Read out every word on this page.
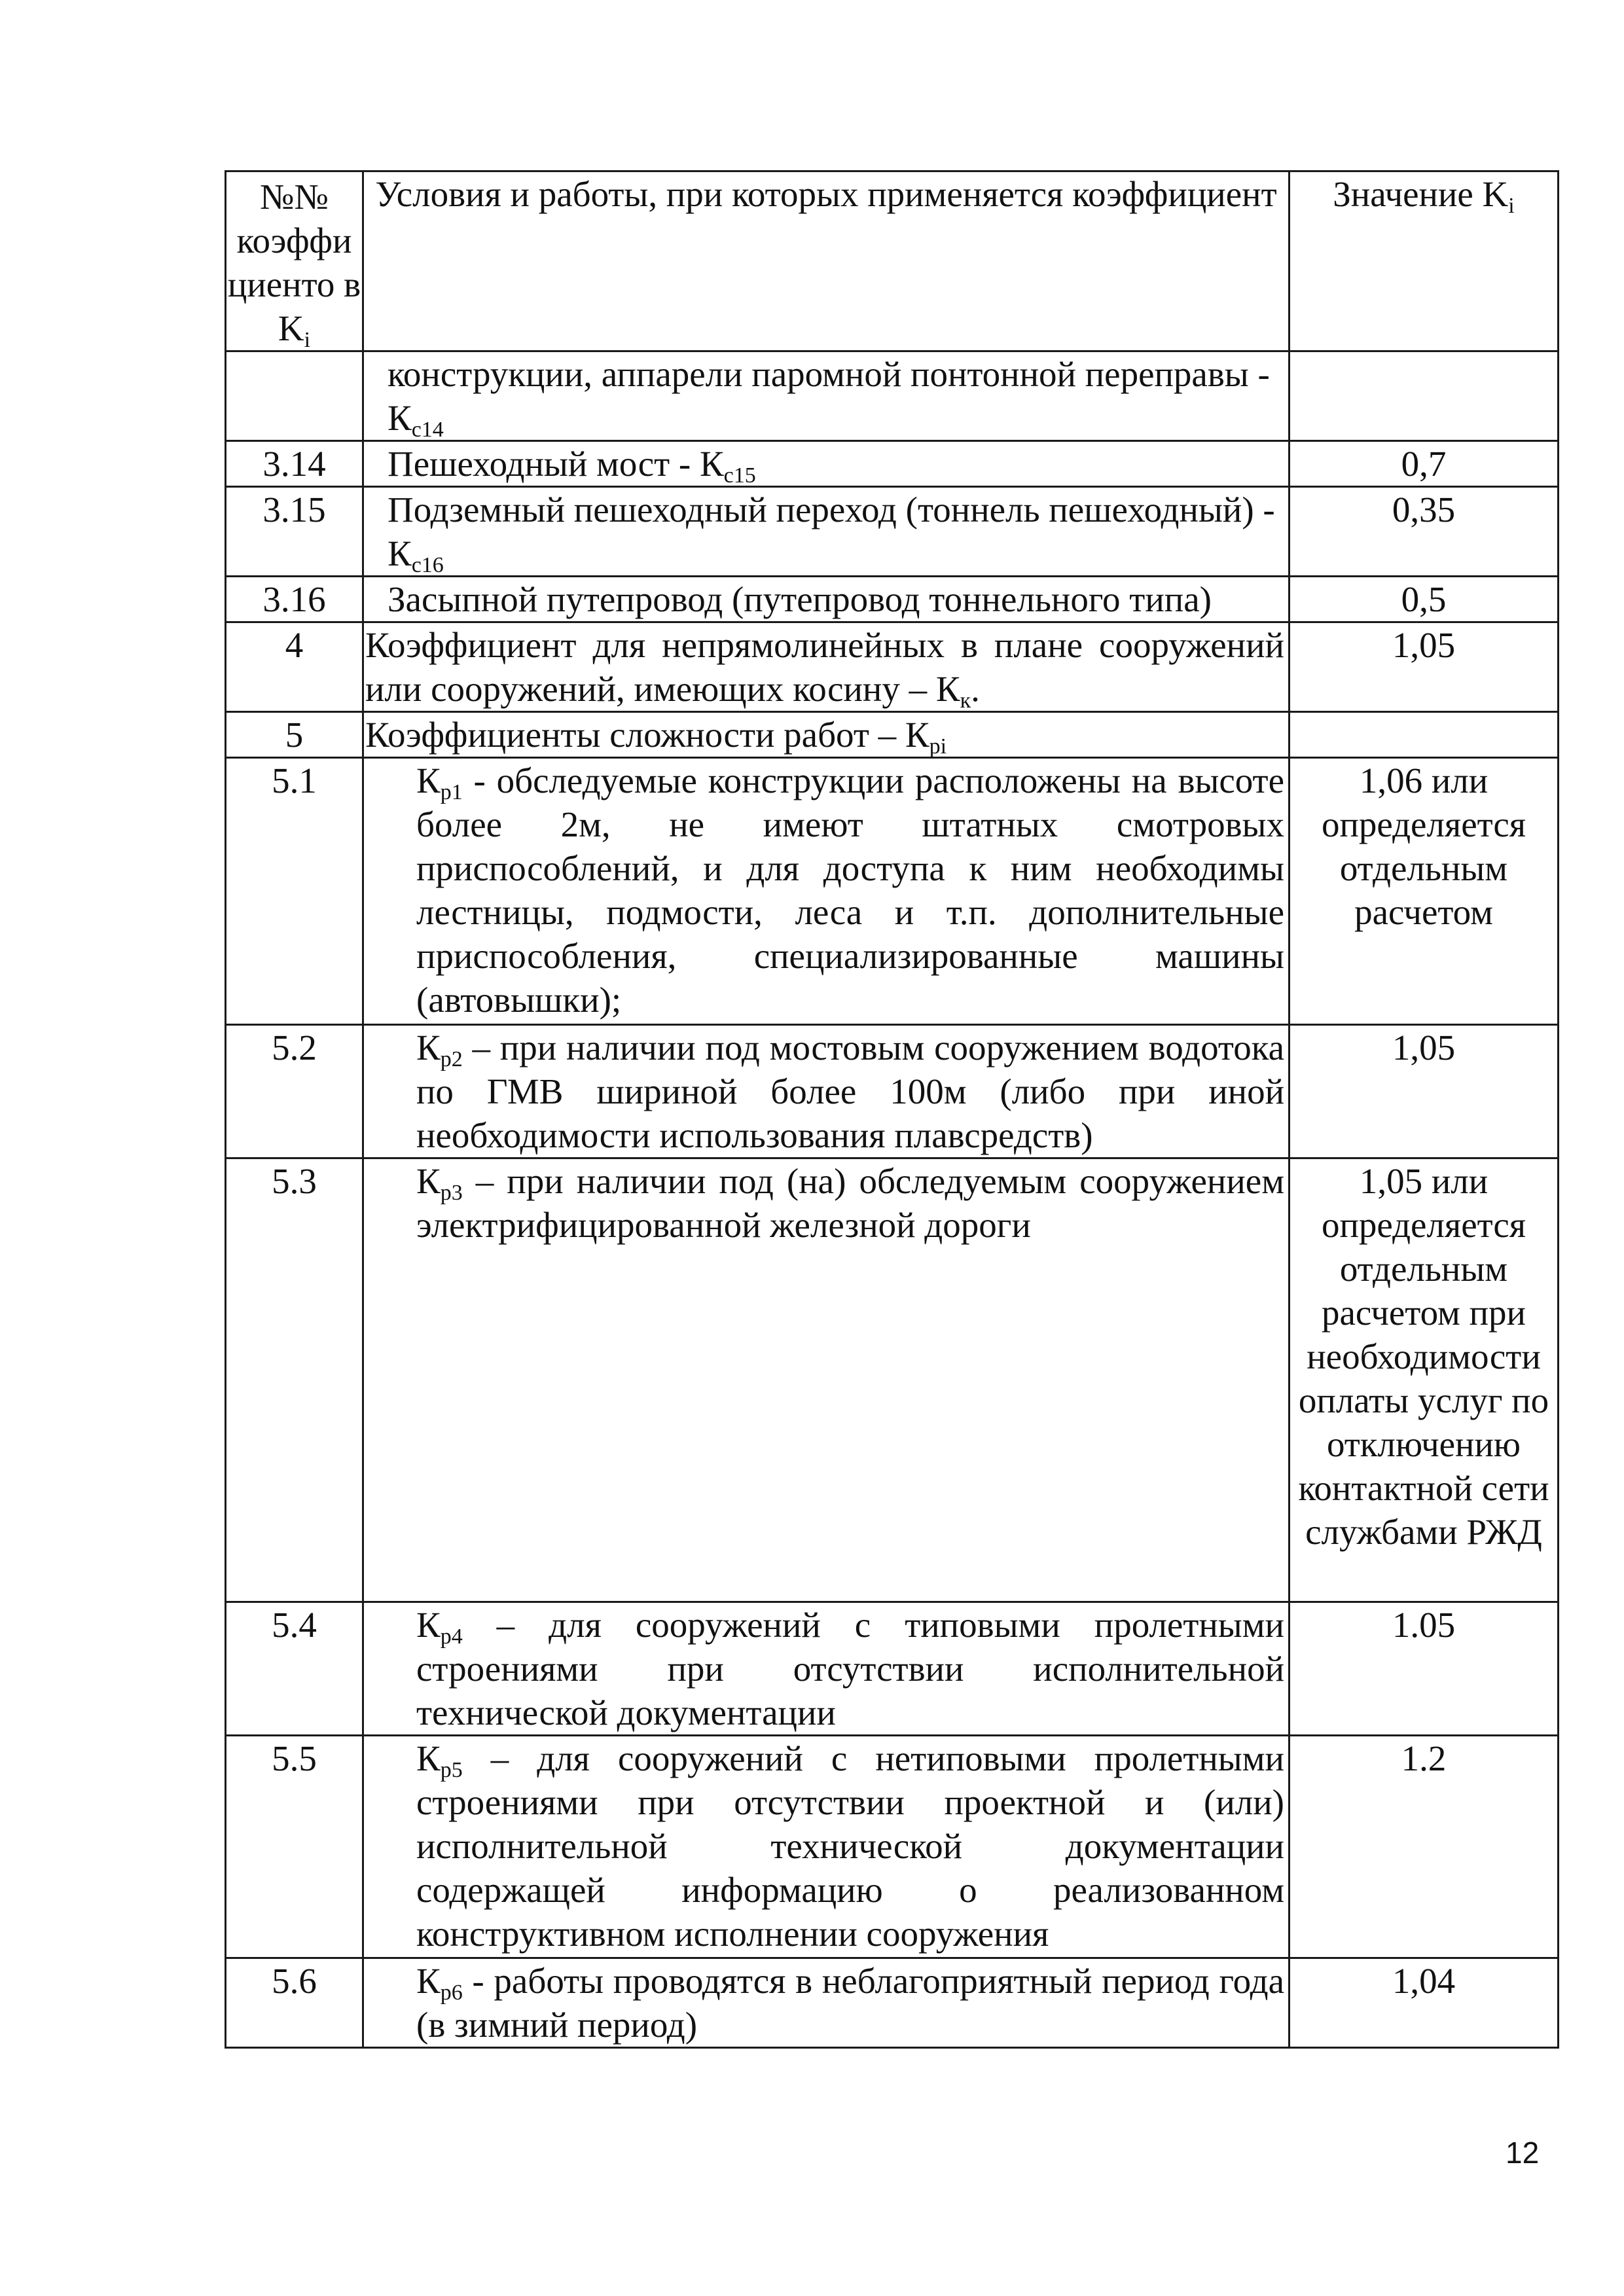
№№ коэффи циенто в $K_i$	Условия и работы, при которых применяется коэффициент	Значение $K_i$
	конструкции, аппарели паромной понтонной переправы - $К_{с14}$	
3.14	Пешеходный мост - $К_{с15}$	0,7
3.15	Подземный пешеходный переход (тоннель пешеходный) - $К_{с16}$	0,35
3.16	Засыпной путепровод (путепровод тоннельного типа)	0,5
4	Коэффициент для непрямолинейных в плане сооружений или сооружений, имеющих косину – $К_к$.	1,05
5	Коэффициенты сложности работ – $К_{pi}$	
5.1	$К_{p1}$ - обследуемые конструкции расположены на высоте более 2м, не имеют штатных смотровых приспособлений, и для доступа к ним необходимы лестницы, подмости, леса и т.п. дополнительные приспособления, специализированные машины (автовышки);	1,06 или определяется отдельным расчетом
5.2	$К_{p2}$ – при наличии под мостовым сооружением водотока по ГМВ шириной более 100м (либо при иной необходимости использования плавсредств)	1,05
5.3	$К_{p3}$ – при наличии под (на) обследуемым сооружением электрифицированной железной дороги	1,05 или определяется отдельным расчетом при необходимости оплаты услуг по отключению контактной сети службами РЖД
5.4	$К_{p4}$ – для сооружений с типовыми пролетными строениями при отсутствии исполнительной технической документации	1.05
5.5	$К_{p5}$ – для сооружений с нетиповыми пролетными строениями при отсутствии проектной и (или) исполнительной технической документации содержащей информацию о реализованном конструктивном исполнении сооружения	1.2
5.6	$К_{p6}$ - работы проводятся в неблагоприятный период года (в зимний период)	1,04
12
